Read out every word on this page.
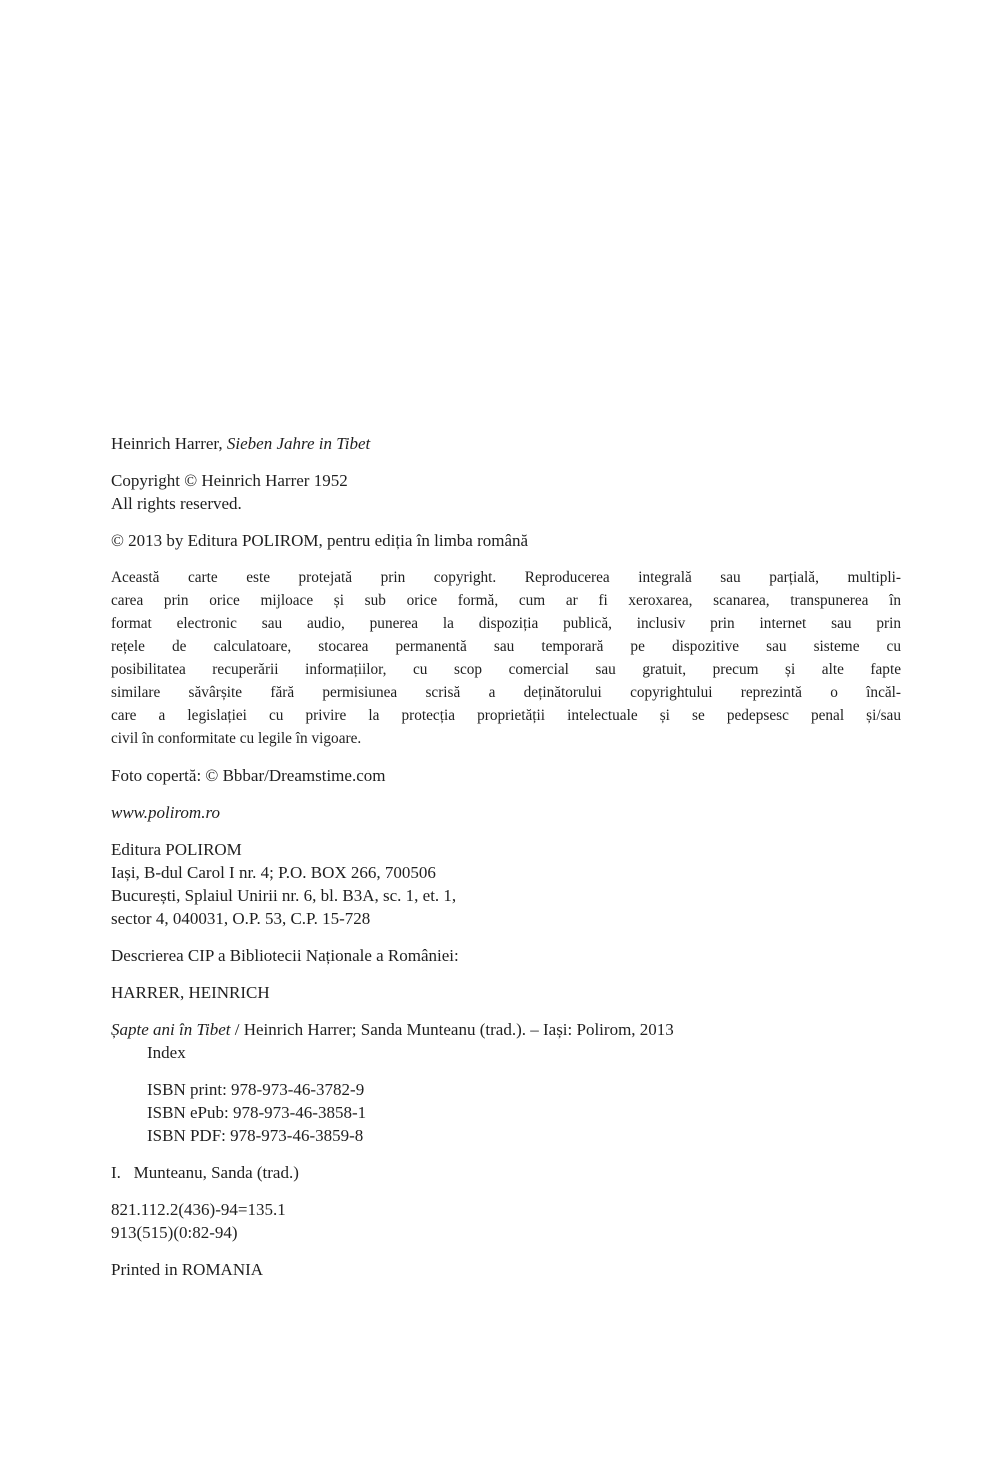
Heinrich Harrer, Sieben Jahre in Tibet

Copyright © Heinrich Harrer 1952
All rights reserved.

© 2013 by Editura POLIROM, pentru ediția în limba română

Această carte este protejată prin copyright. Reproducerea integrală sau parțială, multipli-
carea prin orice mijloace și sub orice formă, cum ar fi xeroxarea, scanarea, transpunerea în
format electronic sau audio, punerea la dispoziția publică, inclusiv prin internet sau prin
rețele de calculatoare, stocarea permanentă sau temporară pe dispozitive sau sisteme cu
posibilitatea recuperării informațiilor, cu scop comercial sau gratuit, precum și alte fapte
similare săvârșite fără permisiunea scrisă a deținătorului copyrightului reprezintă o încăl-
care a legislației cu privire la protecția proprietății intelectuale și se pedepsesc penal și/sau
civil în conformitate cu legile în vigoare.

Foto copertă: © Bbbar/Dreamstime.com

www.polirom.ro

Editura POLIROM
Iași, B-dul Carol I nr. 4; P.O. BOX 266, 700506
București, Splaiul Unirii nr. 6, bl. B3A, sc. 1, et. 1,
sector 4, 040031, O.P. 53, C.P. 15-728

Descrierea CIP a Bibliotecii Naționale a României:

HARRER, HEINRICH

Șapte ani în Tibet / Heinrich Harrer; Sanda Munteanu (trad.). – Iași: Polirom, 2013
Index
ISBN print: 978-973-46-3782-9
ISBN ePub: 978-973-46-3858-1
ISBN PDF: 978-973-46-3859-8

I.   Munteanu, Sanda (trad.)

821.112.2(436)-94=135.1
913(515)(0:82-94)

Printed in ROMANIA
